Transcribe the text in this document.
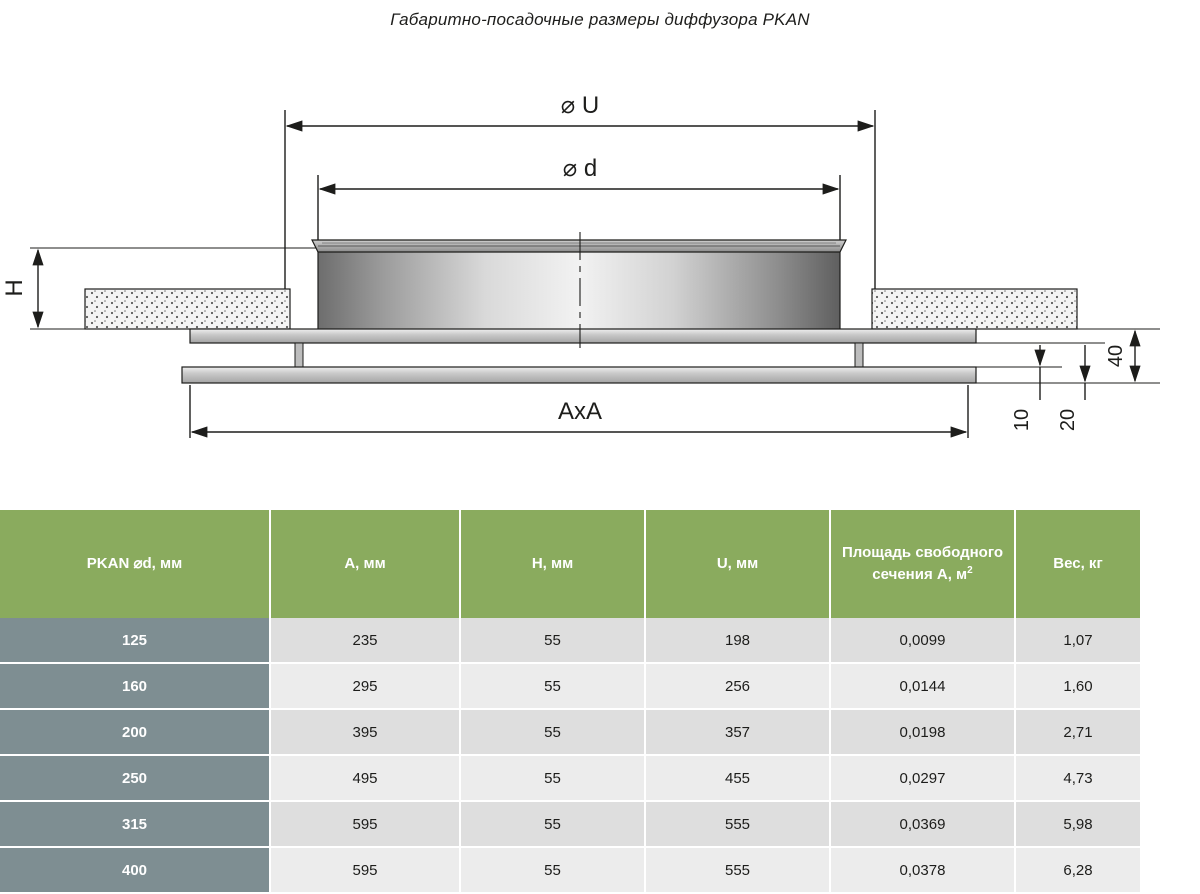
Габаритно-посадочные размеры диффузора PKAN
⌀ U
⌀ d
H
AxA
40
10 20
PKAN ⌀d, мм	A, мм	H, мм	U, мм	Площадь свободного сечения A, $м^2$	Вес, кг
125	235	55	198	0,0099	1,07
160	295	55	256	0,0144	1,60
200	395	55	357	0,0198	2,71
250	495	55	455	0,0297	4,73
315	595	55	555	0,0369	5,98
400	595	55	555	0,0378	6,28
